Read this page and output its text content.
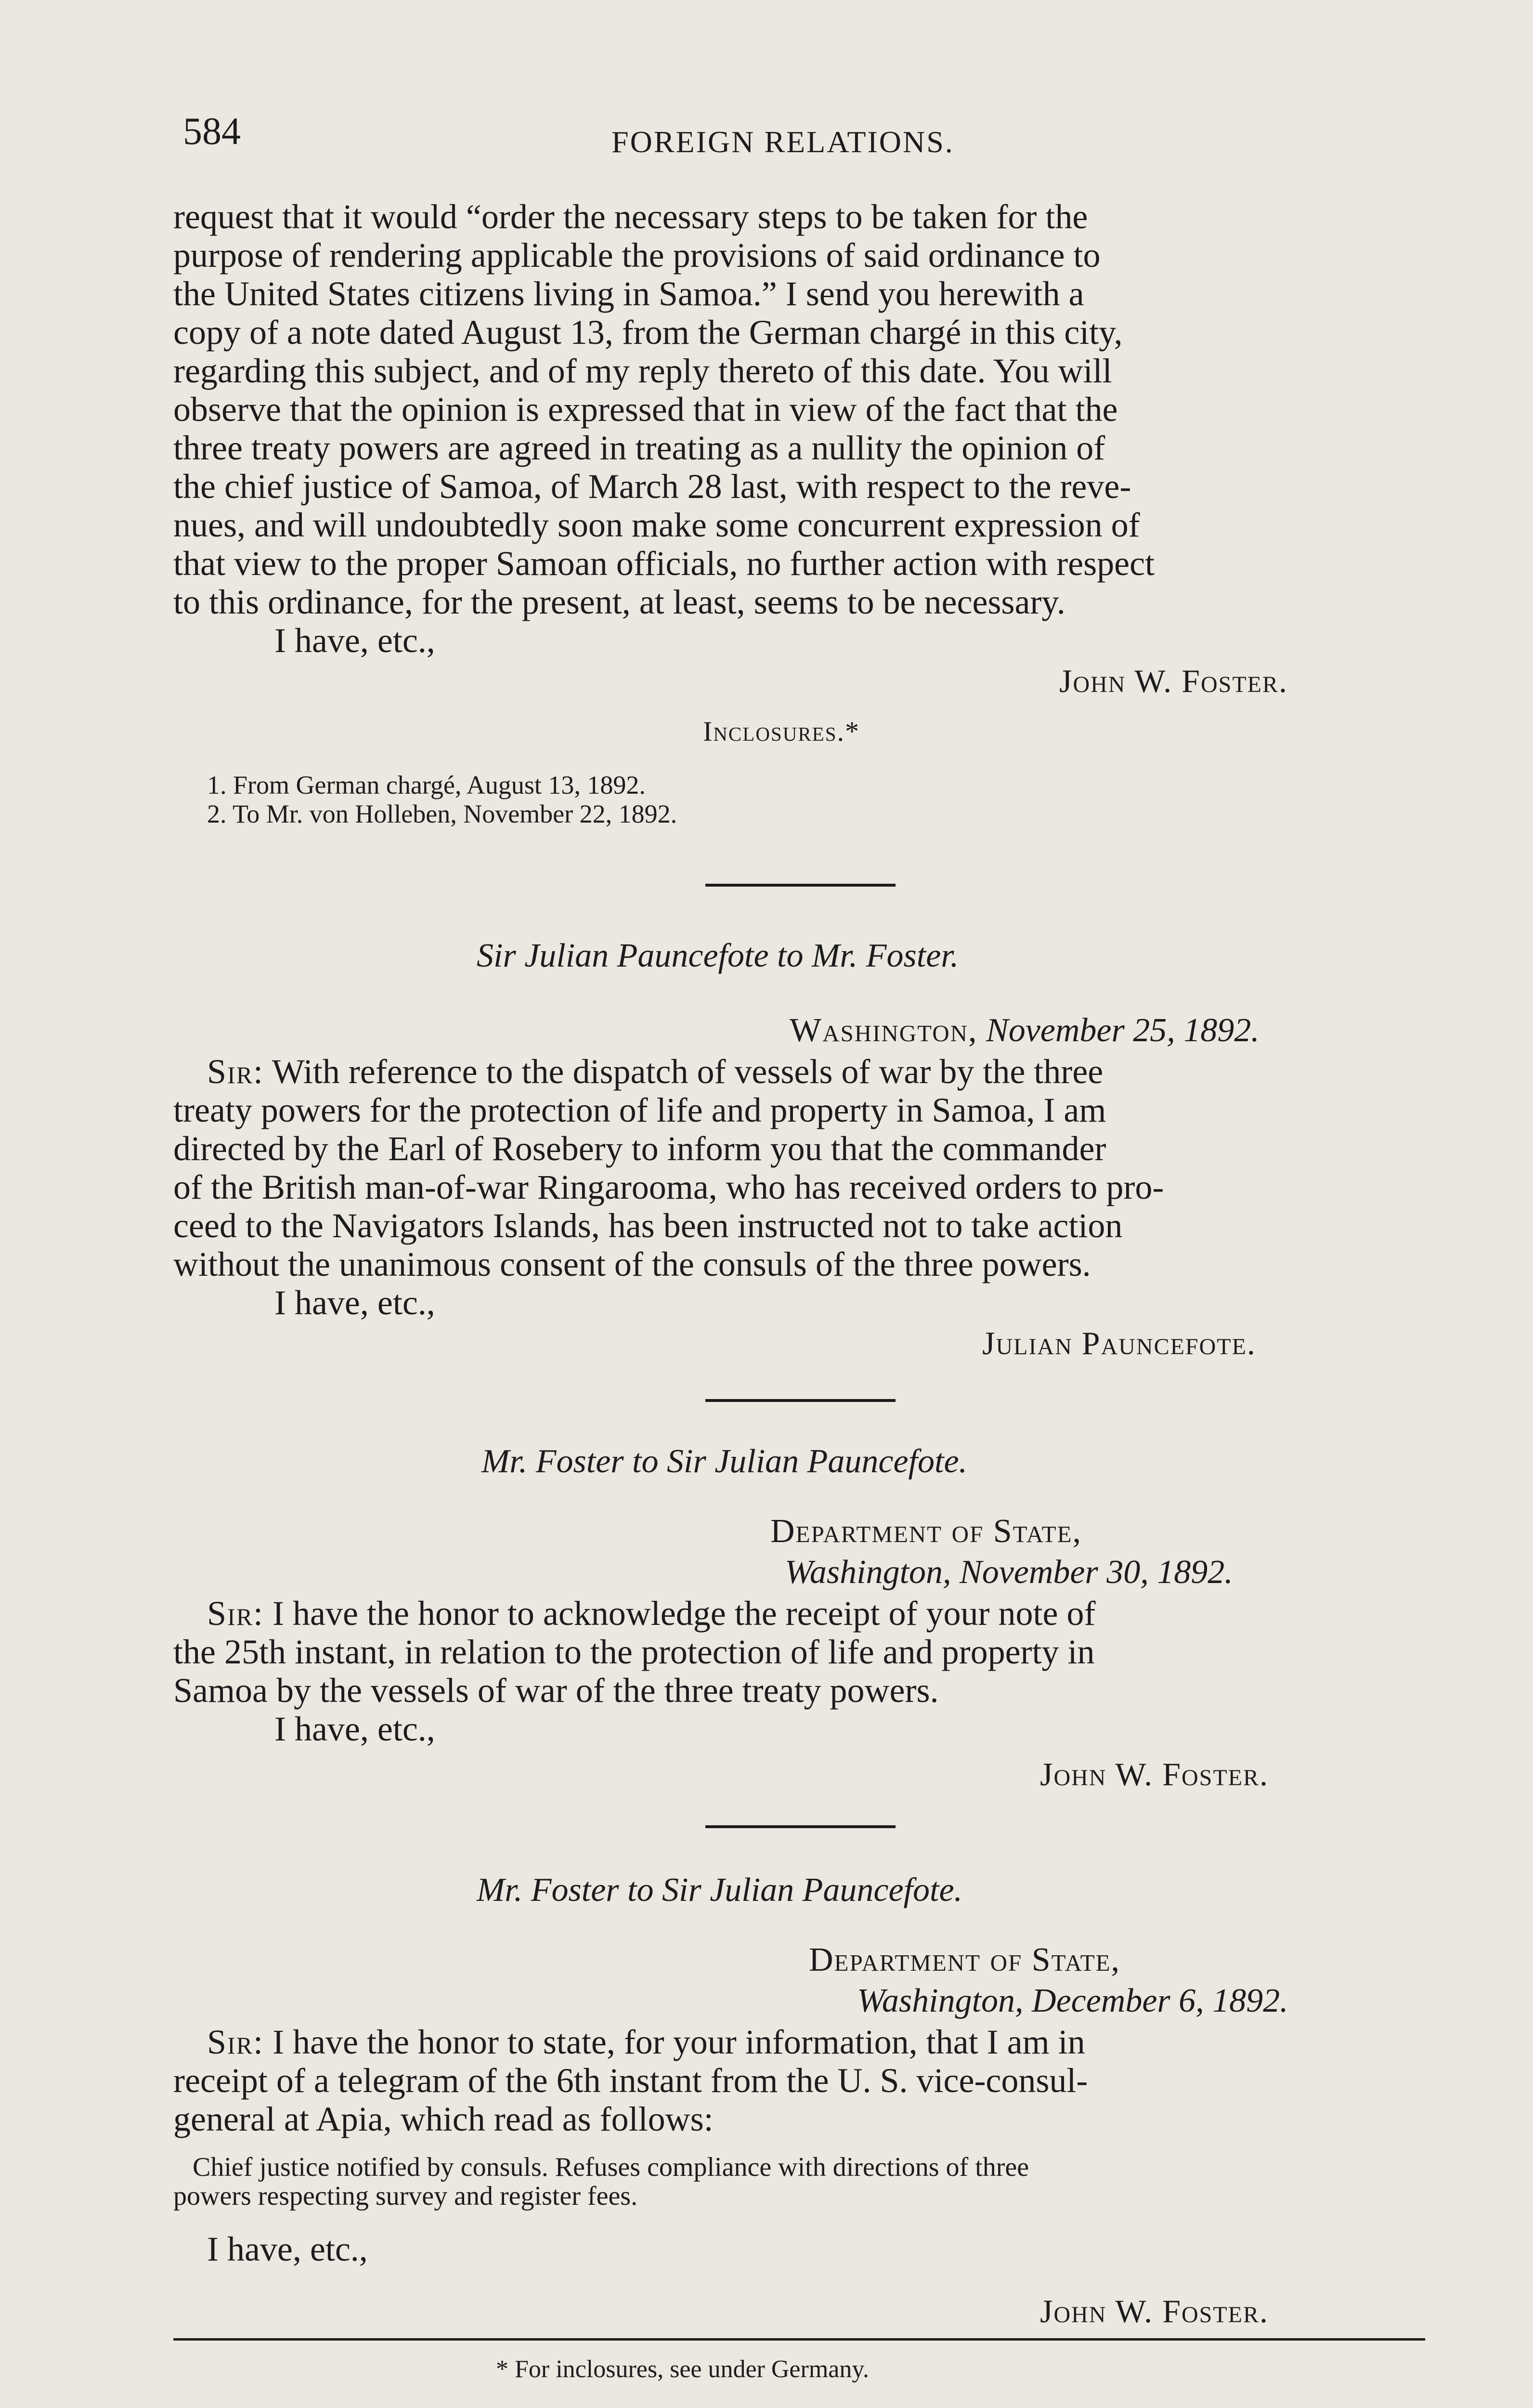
584	FOREIGN RELATIONS.
request that it would “order the necessary steps to be taken for the
purpose of rendering applicable the provisions of said ordinance to
the United States citizens living in Samoa.” I send you herewith a
copy of a note dated August 13, from the German chargé in this city,
regarding this subject, and of my reply thereto of this date. You will
observe that the opinion is expressed that in view of the fact that the
three treaty powers are agreed in treating as a nullity the opinion of
the chief justice of Samoa, of March 28 last, with respect to the reve-
nues, and will undoubtedly soon make some concurrent expression of
that view to the proper Samoan officials, no further action with respect
to this ordinance, for the present, at least, seems to be necessary.
I have, etc.,
John W. Foster.
Inclosures.*
1. From German chargé, August 13, 1892.
2. To Mr. von Holleben, November 22, 1892.
Sir Julian Pauncefote to Mr. Foster.
Washington, November 25, 1892.
Sir: With reference to the dispatch of vessels of war by the three
treaty powers for the protection of life and property in Samoa, I am
directed by the Earl of Rosebery to inform you that the commander
of the British man-of-war Ringarooma, who has received orders to pro-
ceed to the Navigators Islands, has been instructed not to take action
without the unanimous consent of the consuls of the three powers.
I have, etc.,
Julian Pauncefote.
Mr. Foster to Sir Julian Pauncefote.
Department of State,
Washington, November 30, 1892.
Sir: I have the honor to acknowledge the receipt of your note of
the 25th instant, in relation to the protection of life and property in
Samoa by the vessels of war of the three treaty powers.
I have, etc.,
John W. Foster.
Mr. Foster to Sir Julian Pauncefote.
Department of State,
Washington, December 6, 1892.
Sir: I have the honor to state, for your information, that I am in
receipt of a telegram of the 6th instant from the U. S. vice-consul-
general at Apia, which read as follows:
Chief justice notified by consuls. Refuses compliance with directions of three
powers respecting survey and register fees.
I have, etc.,
John W. Foster.
* For inclosures, see under Germany.
